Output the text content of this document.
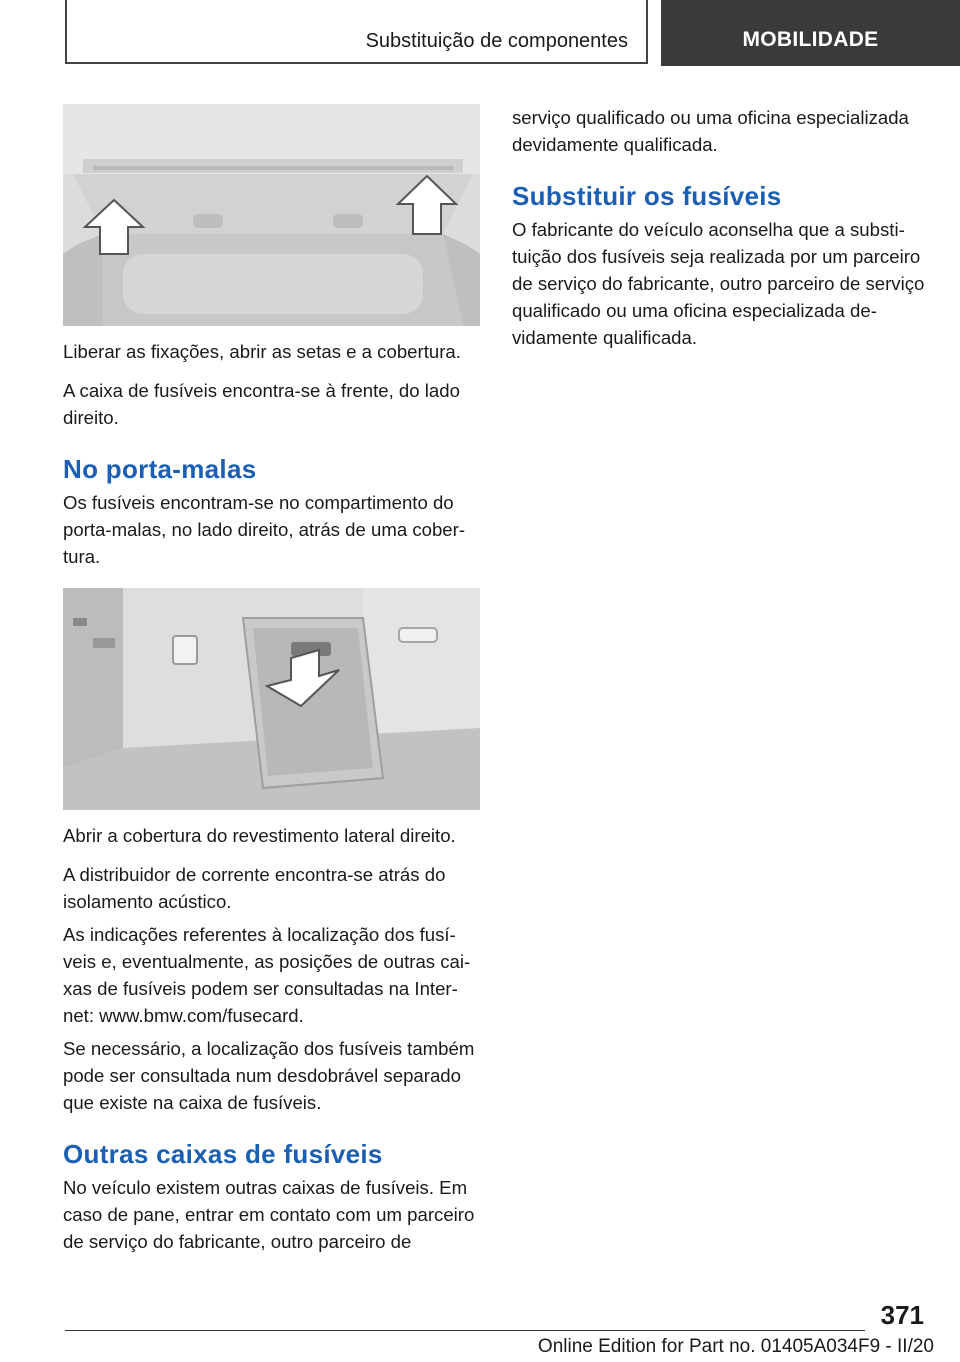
Substituição de componentes	MOBILIDADE

Liberar as fixações, abrir as setas e a cobertura.

A caixa de fusíveis encontra-se à frente, do lado direito.

No porta-malas

Os fusíveis encontram-se no compartimento do porta-malas, no lado direito, atrás de uma cobertura.

Abrir a cobertura do revestimento lateral direito.

A distribuidor de corrente encontra-se atrás do isolamento acústico.

As indicações referentes à localização dos fusíveis e, eventualmente, as posições de outras caixas de fusíveis podem ser consultadas na Internet: www.bmw.com/fusecard.

Se necessário, a localização dos fusíveis também pode ser consultada num desdobrável separado que existe na caixa de fusíveis.

Outras caixas de fusíveis

No veículo existem outras caixas de fusíveis. Em caso de pane, entrar em contato com um parceiro de serviço do fabricante, outro parceiro de

serviço qualificado ou uma oficina especializada devidamente qualificada.

Substituir os fusíveis

O fabricante do veículo aconselha que a substituição dos fusíveis seja realizada por um parceiro de serviço do fabricante, outro parceiro de serviço qualificado ou uma oficina especializada devidamente qualificada.

371
Online Edition for Part no. 01405A034F9 - II/20
